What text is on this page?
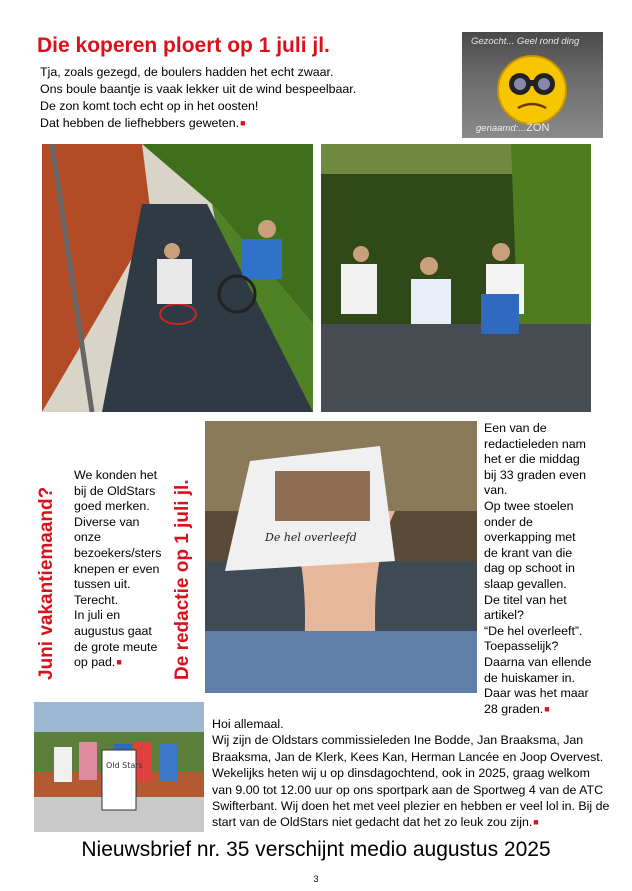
Die koperen ploert op 1 juli jl.
Tja, zoals gezegd, de boulers hadden het echt zwaar.
Ons boule baantje is vaak lekker uit de wind bespeelbaar.
De zon komt toch echt op in het oosten!
Dat hebben de liefhebbers geweten.■
Gezocht... Geel rond ding
genaamd:...ZON
Juni vakantiemaand?	De redactie op 1 juli jl.
We konden het
bij de OldStars
goed merken.
Diverse van
onze
bezoekers/sters
knepen er even
tussen uit.
Terecht.
In juli en
augustus gaat
de grote meute
op pad.■
De hel overleefd
Een van de
redactieleden nam
het er die middag
bij 33 graden even
van.
Op twee stoelen
onder de
overkapping met
de krant van die
dag op schoot in
slaap gevallen.
De titel van het
artikel?
“De hel overleeft”.
Toepasselijk?
Daarna van ellende
de huiskamer in.
Daar was het maar
28 graden.■
Old Stars
Hoi allemaal.
Wij zijn de Oldstars commissieleden Ine Bodde, Jan Braaksma, Jan
Braaksma, Jan de Klerk, Kees Kan, Herman Lancée en Joop Overvest.
Wekelijks heten wij u op dinsdagochtend, ook in 2025, graag welkom
van 9.00 tot 12.00 uur op ons sportpark aan de Sportweg 4 van de ATC
Swifterbant. Wij doen het met veel plezier en hebben er veel lol in. Bij de
start van de OldStars niet gedacht dat het zo leuk zou zijn.■
Nieuwsbrief nr. 35 verschijnt medio augustus 2025
3
